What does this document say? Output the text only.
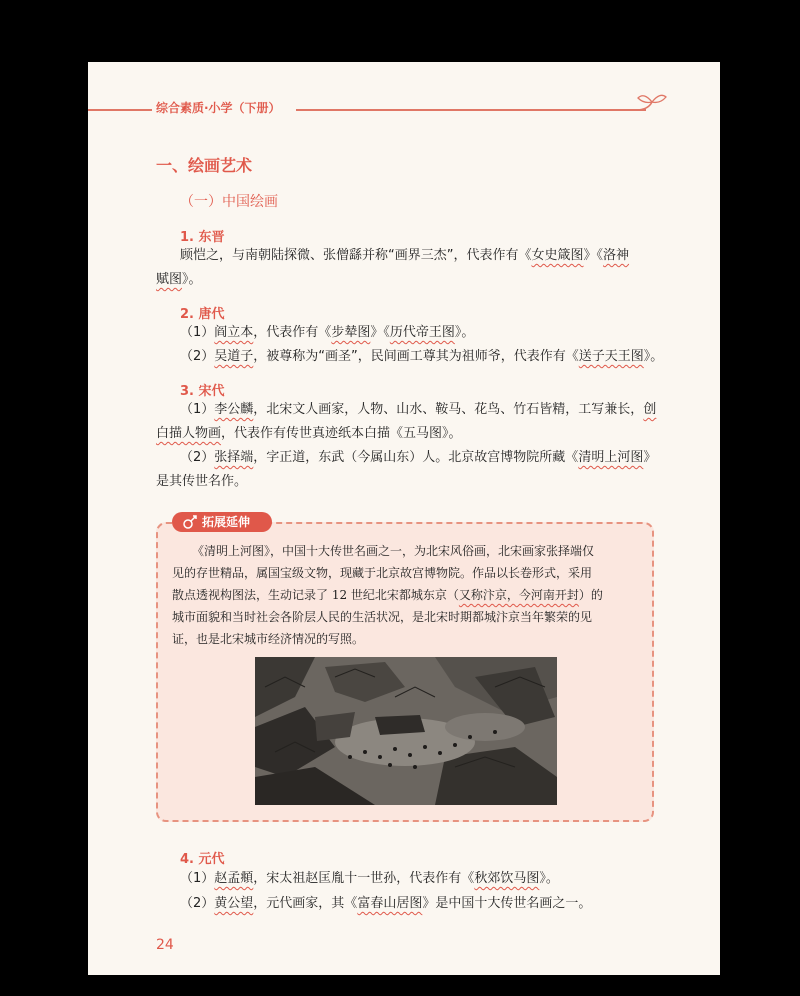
综合素质·小学（下册）
一、绘画艺术
（一）中国绘画
1. 东晋
顾恺之，与南朝陆探微、张僧繇并称“画界三杰”，代表作有《女史箴图》《洛神
赋图》。
2. 唐代
（1）阎立本，代表作有《步辇图》《历代帝王图》。
（2）吴道子，被尊称为“画圣”，民间画工尊其为祖师爷，代表作有《送子天王图》。
3. 宋代
（1）李公麟，北宋文人画家，人物、山水、鞍马、花鸟、竹石皆精，工写兼长，创
白描人物画，代表作有传世真迹纸本白描《五马图》。
（2）张择端，字正道，东武（今属山东）人。北京故宫博物院所藏《清明上河图》
是其传世名作。
拓展延伸
《清明上河图》，中国十大传世名画之一，为北宋风俗画，北宋画家张择端仅
见的存世精品，属国宝级文物，现藏于北京故宫博物院。作品以长卷形式，采用
散点透视构图法，生动记录了 12 世纪北宋都城东京（又称汴京，今河南开封）的
城市面貌和当时社会各阶层人民的生活状况，是北宋时期都城汴京当年繁荣的见
证，也是北宋城市经济情况的写照。
4. 元代
（1）赵孟頫，宋太祖赵匡胤十一世孙，代表作有《秋郊饮马图》。
（2）黄公望，元代画家，其《富春山居图》是中国十大传世名画之一。
24
